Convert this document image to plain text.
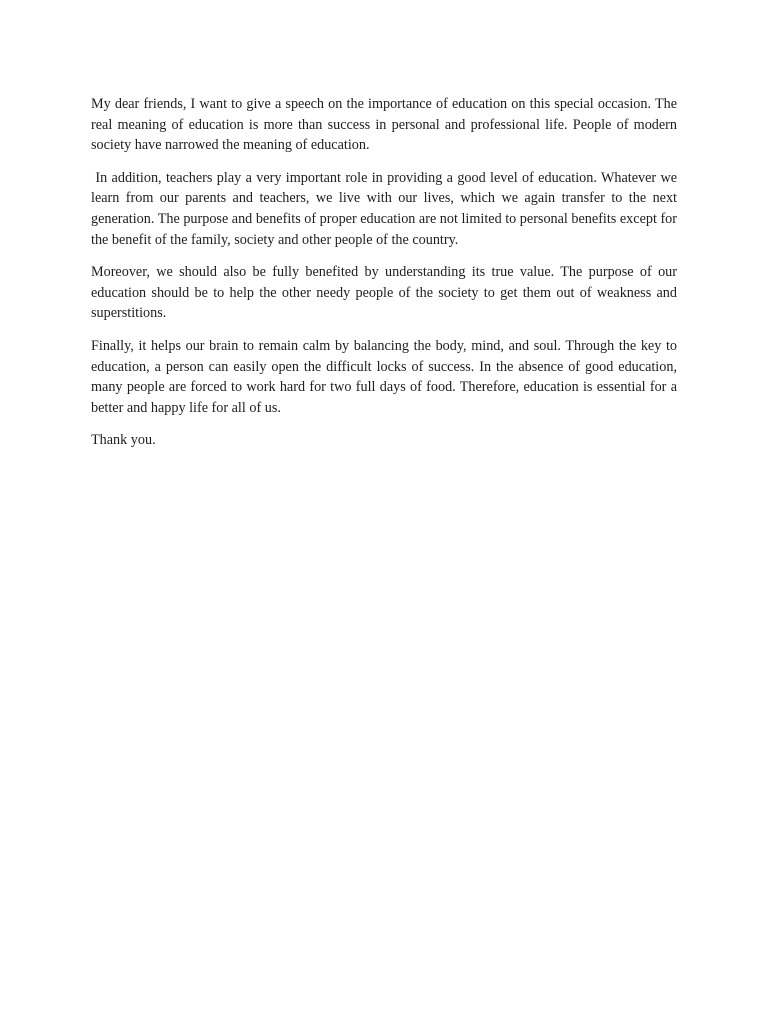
My dear friends, I want to give a speech on the importance of education on this special occasion. The real meaning of education is more than success in personal and professional life. People of modern society have narrowed the meaning of education.

In addition, teachers play a very important role in providing a good level of education. Whatever we learn from our parents and teachers, we live with our lives, which we again transfer to the next generation. The purpose and benefits of proper education are not limited to personal benefits except for the benefit of the family, society and other people of the country.

Moreover, we should also be fully benefited by understanding its true value. The purpose of our education should be to help the other needy people of the society to get them out of weakness and superstitions.

Finally, it helps our brain to remain calm by balancing the body, mind, and soul. Through the key to education, a person can easily open the difficult locks of success. In the absence of good education, many people are forced to work hard for two full days of food. Therefore, education is essential for a better and happy life for all of us.

Thank you.
